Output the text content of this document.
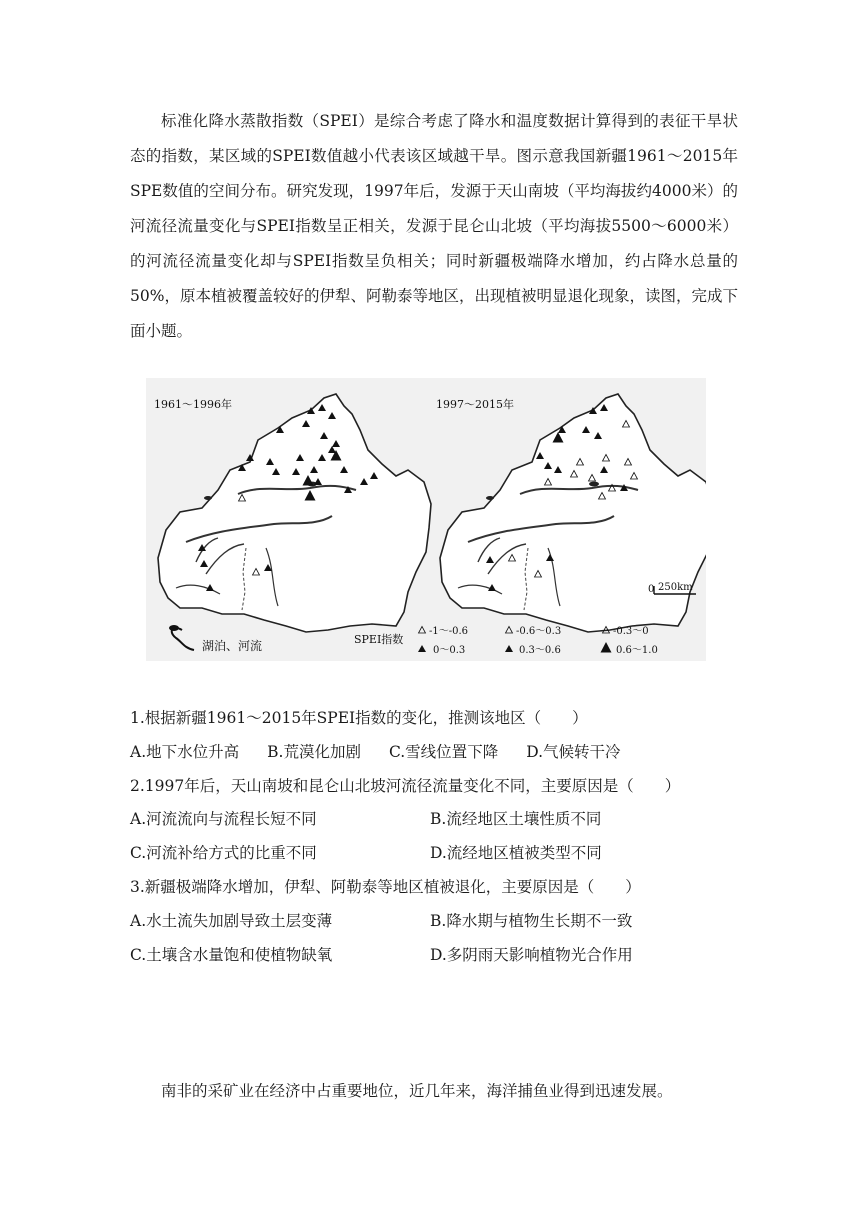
标准化降水蒸散指数（SPEI）是综合考虑了降水和温度数据计算得到的表征干旱状态的指数，某区域的SPEI数值越小代表该区域越干旱。图示意我国新疆1961～2015年SPE数值的空间分布。研究发现，1997年后，发源于天山南坡（平均海拔约4000米）的河流径流量变化与SPEI指数呈正相关，发源于昆仑山北坡（平均海拔5500～6000米）的河流径流量变化却与SPEI指数呈负相关；同时新疆极端降水增加，约占降水总量的50%，原本植被覆盖较好的伊犁、阿勒泰等地区，出现植被明显退化现象，读图，完成下面小题。

1961～1996年	1997～2015年
0 250km
湖泊、河流	SPEI指数
-1～-0.6	-0.6～0.3	-0.3～0
0～0.3	0.3～0.6	0.6～1.0
1.根据新疆1961～2015年SPEI指数的变化，推测该地区（　　）
A.地下水位升高 B.荒漠化加剧 C.雪线位置下降 D.气候转干冷
2.1997年后，天山南坡和昆仑山北坡河流径流量变化不同，主要原因是（　　）
A.河流流向与流程长短不同	B.流经地区土壤性质不同
C.河流补给方式的比重不同	D.流经地区植被类型不同
3.新疆极端降水增加，伊犁、阿勒泰等地区植被退化，主要原因是（　　）
A.水土流失加剧导致土层变薄	B.降水期与植物生长期不一致
C.土壤含水量饱和使植物缺氧	D.多阴雨天影响植物光合作用

南非的采矿业在经济中占重要地位，近几年来，海洋捕鱼业得到迅速发展。
